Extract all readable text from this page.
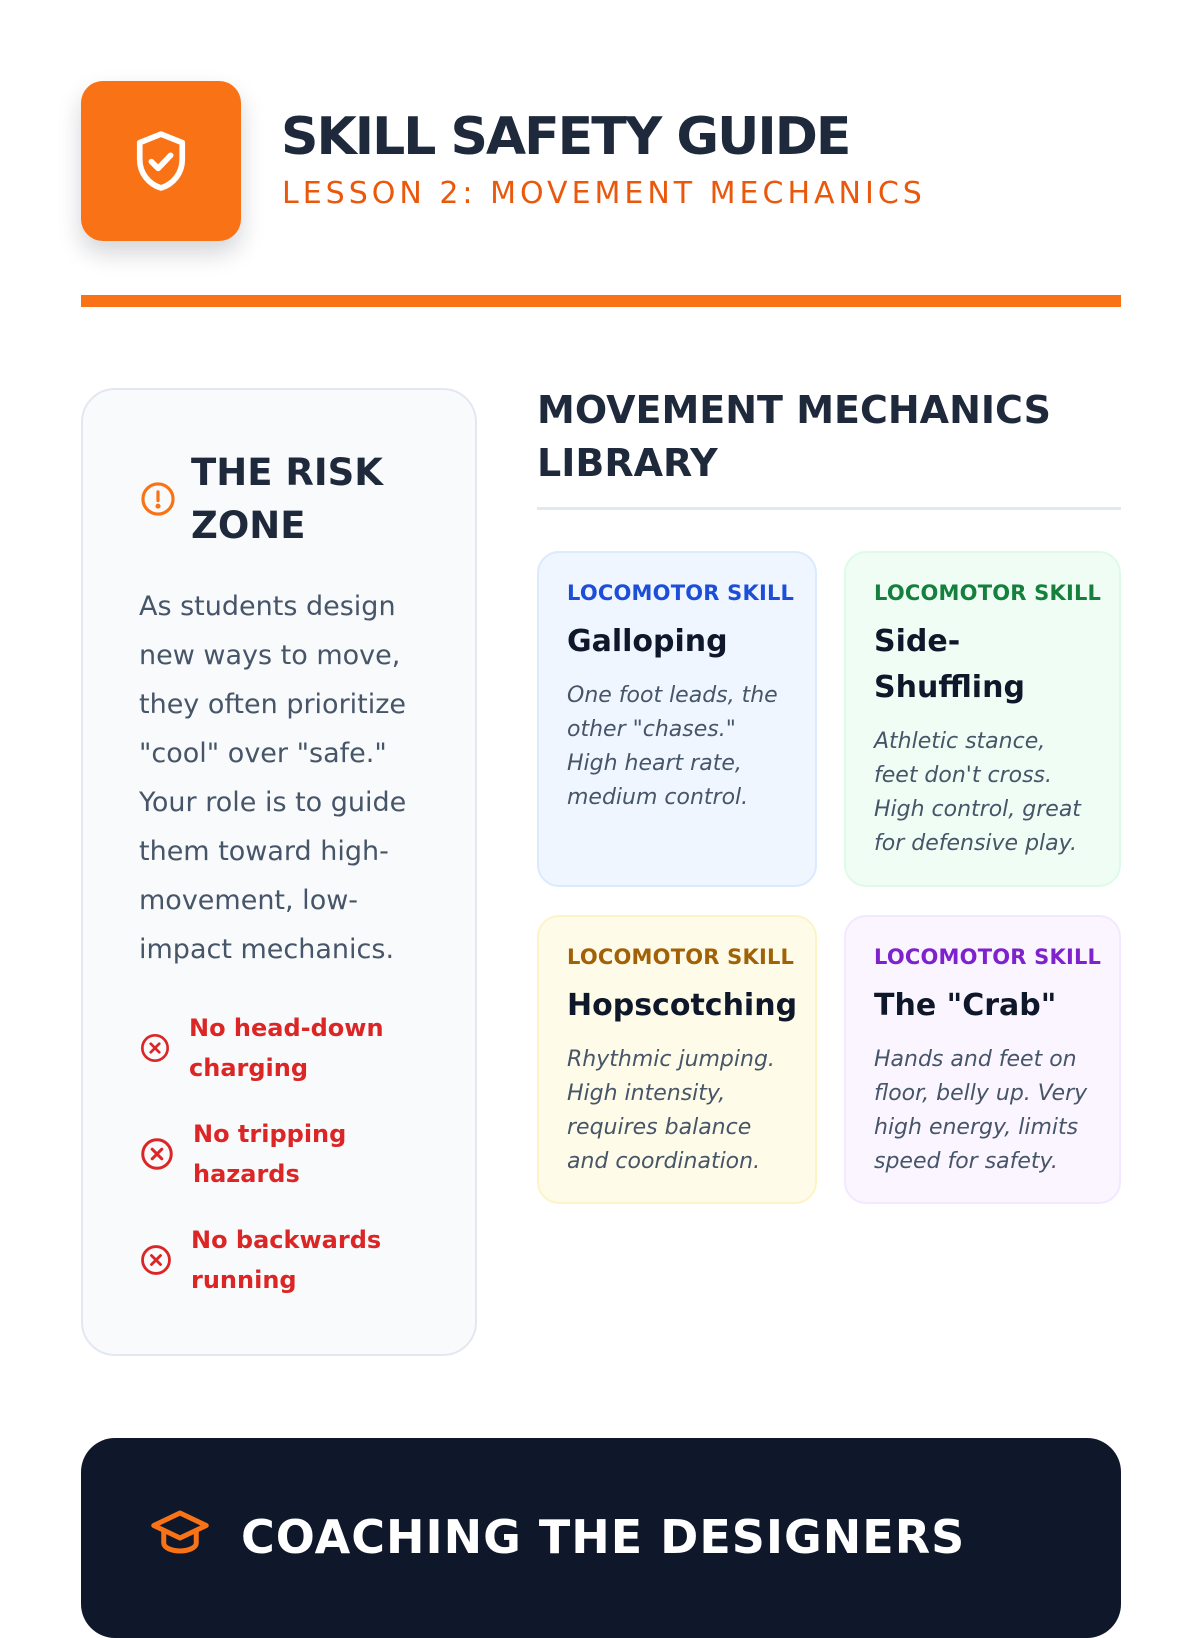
SKILL SAFETY GUIDE
LESSON 2: MOVEMENT MECHANICS
THE RISK ZONE
As students design new ways to move, they often prioritize "cool" over "safe." Your role is to guide them toward high-movement, low-impact mechanics.
No head-down charging
No tripping hazards
No backwards running
MOVEMENT MECHANICS LIBRARY
LOCOMOTOR SKILL
Galloping
One foot leads, the other "chases." High heart rate, medium control.
LOCOMOTOR SKILL
Side-Shuffling
Athletic stance, feet don't cross. High control, great for defensive play.
LOCOMOTOR SKILL
Hopscotching
Rhythmic jumping. High intensity, requires balance and coordination.
LOCOMOTOR SKILL
The "Crab"
Hands and feet on floor, belly up. Very high energy, limits speed for safety.
COACHING THE DESIGNERS
